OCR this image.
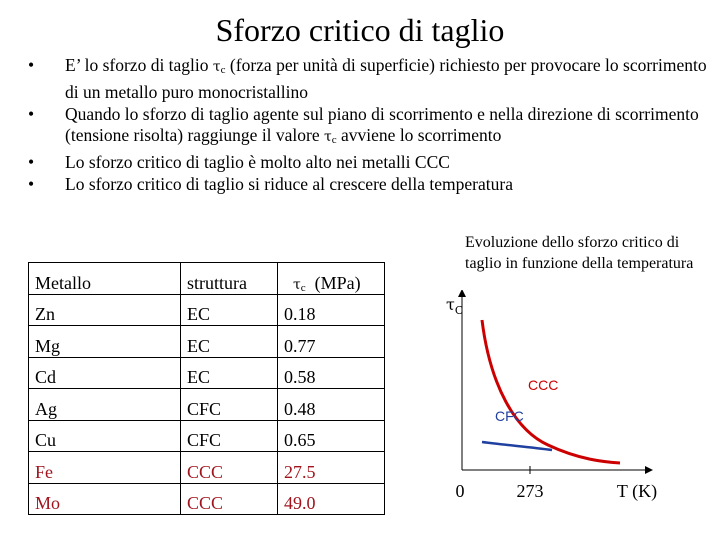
Sforzo critico di taglio
• E’ lo sforzo di taglio τc (forza per unità di superficie) richiesto per provocare lo scorrimento di un metallo puro monocristallino
• Quando lo sforzo di taglio agente sul piano di scorrimento e nella direzione di scorrimento (tensione risolta) raggiunge il valore τc avviene lo scorrimento
• Lo sforzo critico di taglio è molto alto nei metalli CCC
• Lo sforzo critico di taglio si riduce al crescere della temperatura
Metallo	struttura	τc (MPa)
Zn	EC	0.18
Mg	EC	0.77
Cd	EC	0.58
Ag	CFC	0.48
Cu	CFC	0.65
Fe	CCC	27.5
Mo	CCC	49.0
Evoluzione dello sforzo critico di taglio in funzione della temperatura
$\tau_C$
CCC
CFC
0	273	T (K)
